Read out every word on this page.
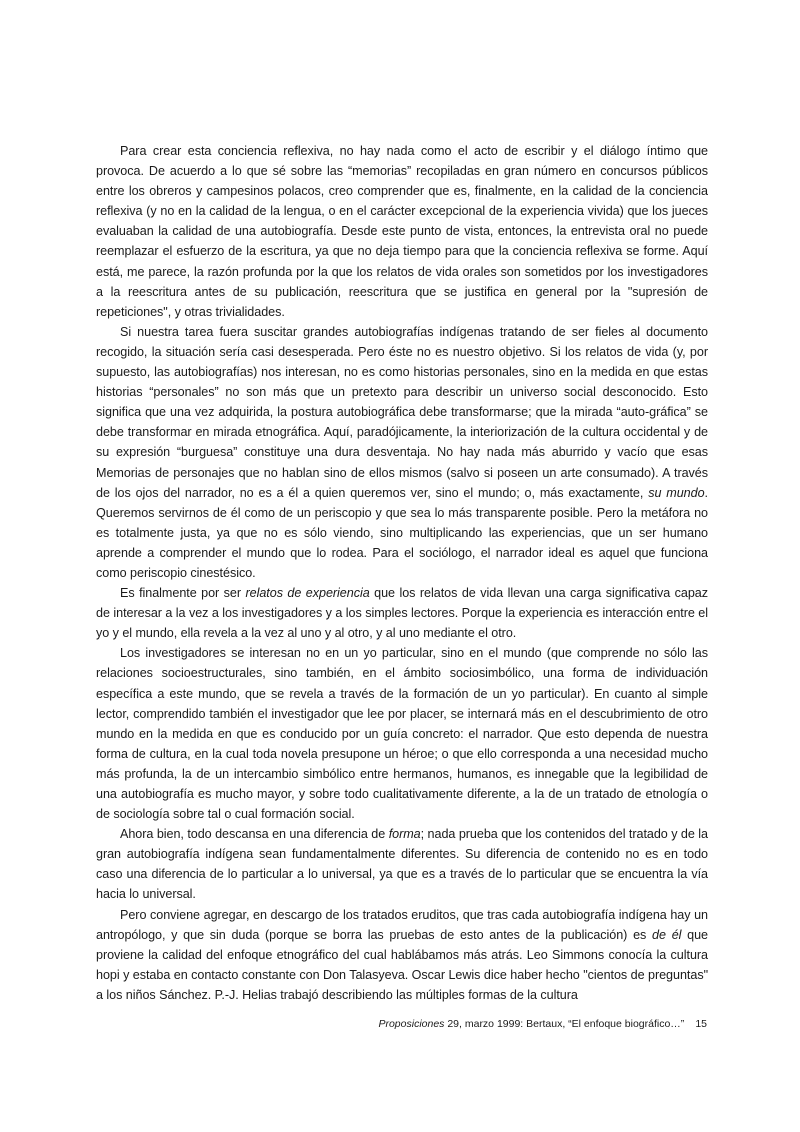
Para crear esta conciencia reflexiva, no hay nada como el acto de escribir y el diálogo íntimo que provoca. De acuerdo a lo que sé sobre las “memorias” recopiladas en gran número en concursos públicos entre los obreros y campesinos polacos, creo comprender que es, finalmente, en la calidad de la conciencia reflexiva (y no en la calidad de la lengua, o en el carácter excepcional de la experiencia vivida) que los jueces evaluaban la calidad de una autobiografía. Desde este punto de vista, entonces, la entrevista oral no puede reemplazar el esfuerzo de la escritura, ya que no deja tiempo para que la conciencia reflexiva se forme. Aquí está, me parece, la razón profunda por la que los relatos de vida orales son sometidos por los investigadores a la reescritura antes de su publicación, reescritura que se justifica en general por la "supresión de repeticiones", y otras trivialidades.

Si nuestra tarea fuera suscitar grandes autobiografías indígenas tratando de ser fieles al documento recogido, la situación sería casi desesperada. Pero éste no es nuestro objetivo. Si los relatos de vida (y, por supuesto, las autobiografías) nos interesan, no es como historias personales, sino en la medida en que estas historias “personales” no son más que un pretexto para describir un universo social desconocido. Esto significa que una vez adquirida, la postura autobiográfica debe transformarse; que la mirada “auto-gráfica” se debe transformar en mirada etnográfica. Aquí, paradójicamente, la interiorización de la cultura occidental y de su expresión “burguesa” constituye una dura desventaja. No hay nada más aburrido y vacío que esas Memorias de personajes que no hablan sino de ellos mismos (salvo si poseen un arte consumado). A través de los ojos del narrador, no es a él a quien queremos ver, sino el mundo; o, más exactamente, su mundo. Queremos servirnos de él como de un periscopio y que sea lo más transparente posible. Pero la metáfora no es totalmente justa, ya que no es sólo viendo, sino multiplicando las experiencias, que un ser humano aprende a comprender el mundo que lo rodea. Para el sociólogo, el narrador ideal es aquel que funciona como periscopio cinestésico.

Es finalmente por ser relatos de experiencia que los relatos de vida llevan una carga significativa capaz de interesar a la vez a los investigadores y a los simples lectores. Porque la experiencia es interacción entre el yo y el mundo, ella revela a la vez al uno y al otro, y al uno mediante el otro.

Los investigadores se interesan no en un yo particular, sino en el mundo (que comprende no sólo las relaciones socioestructurales, sino también, en el ámbito sociosimbólico, una forma de individuación específica a este mundo, que se revela a través de la formación de un yo particular). En cuanto al simple lector, comprendido también el investigador que lee por placer, se internará más en el descubrimiento de otro mundo en la medida en que es conducido por un guía concreto: el narrador. Que esto dependa de nuestra forma de cultura, en la cual toda novela presupone un héroe; o que ello corresponda a una necesidad mucho más profunda, la de un intercambio simbólico entre hermanos, humanos, es innegable que la legibilidad de una autobiografía es mucho mayor, y sobre todo cualitativamente diferente, a la de un tratado de etnología o de sociología sobre tal o cual formación social.

Ahora bien, todo descansa en una diferencia de forma; nada prueba que los contenidos del tratado y de la gran autobiografía indígena sean fundamentalmente diferentes. Su diferencia de contenido no es en todo caso una diferencia de lo particular a lo universal, ya que es a través de lo particular que se encuentra la vía hacia lo universal.

Pero conviene agregar, en descargo de los tratados eruditos, que tras cada autobiografía indígena hay un antropólogo, y que sin duda (porque se borra las pruebas de esto antes de la publicación) es de él que proviene la calidad del enfoque etnográfico del cual hablábamos más atrás. Leo Simmons conocía la cultura hopi y estaba en contacto constante con Don Talasyeva. Oscar Lewis dice haber hecho "cientos de preguntas" a los niños Sánchez. P.-J. Helias trabajó describiendo las múltiples formas de la cultura

Proposiciones 29, marzo 1999: Bertaux, “El enfoque biográfico…” 15
